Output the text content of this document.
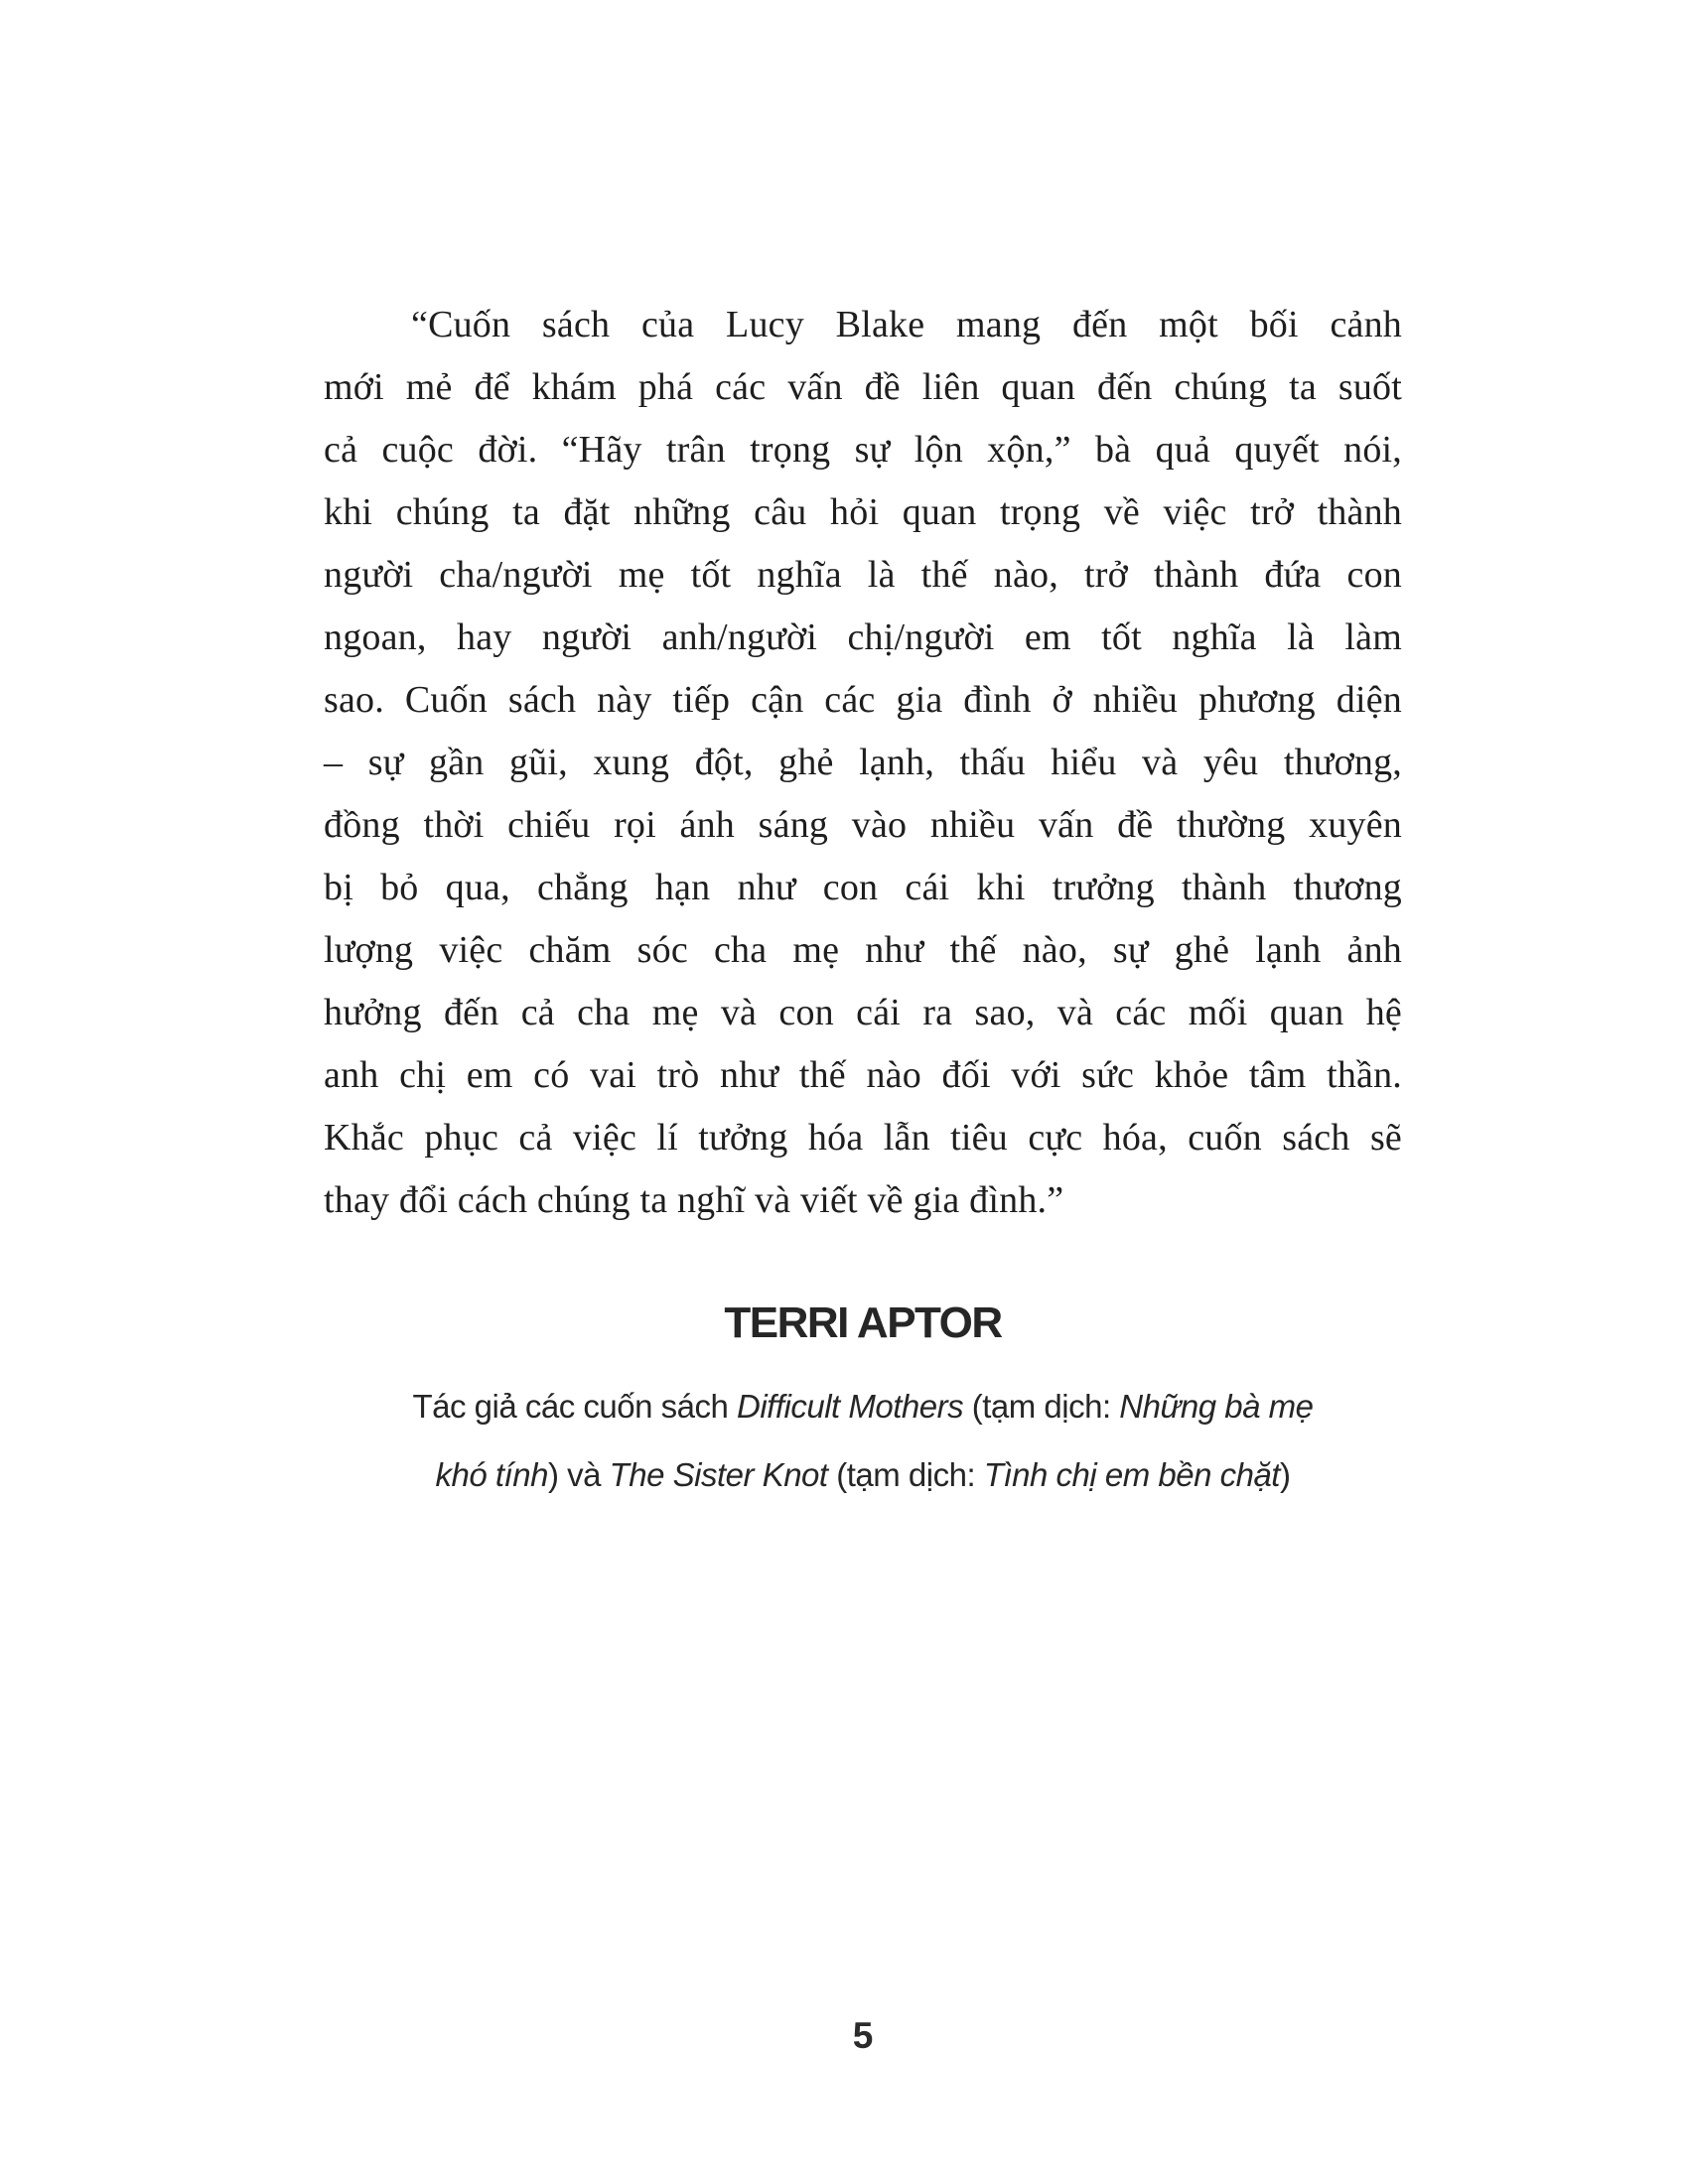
“Cuốn sách của Lucy Blake mang đến một bối cảnh
mới mẻ để khám phá các vấn đề liên quan đến chúng ta suốt
cả cuộc đời. “Hãy trân trọng sự lộn xộn,” bà quả quyết nói,
khi chúng ta đặt những câu hỏi quan trọng về việc trở thành
người cha/người mẹ tốt nghĩa là thế nào, trở thành đứa con
ngoan, hay người anh/người chị/người em tốt nghĩa là làm
sao. Cuốn sách này tiếp cận các gia đình ở nhiều phương diện
– sự gần gũi, xung đột, ghẻ lạnh, thấu hiểu và yêu thương,
đồng thời chiếu rọi ánh sáng vào nhiều vấn đề thường xuyên
bị bỏ qua, chẳng hạn như con cái khi trưởng thành thương
lượng việc chăm sóc cha mẹ như thế nào, sự ghẻ lạnh ảnh
hưởng đến cả cha mẹ và con cái ra sao, và các mối quan hệ
anh chị em có vai trò như thế nào đối với sức khỏe tâm thần.
Khắc phục cả việc lí tưởng hóa lẫn tiêu cực hóa, cuốn sách sẽ
thay đổi cách chúng ta nghĩ và viết về gia đình.”
TERRI APTOR
Tác giả các cuốn sách Difficult Mothers (tạm dịch: Những bà mẹ
khó tính) và The Sister Knot (tạm dịch: Tình chị em bền chặt)
5
